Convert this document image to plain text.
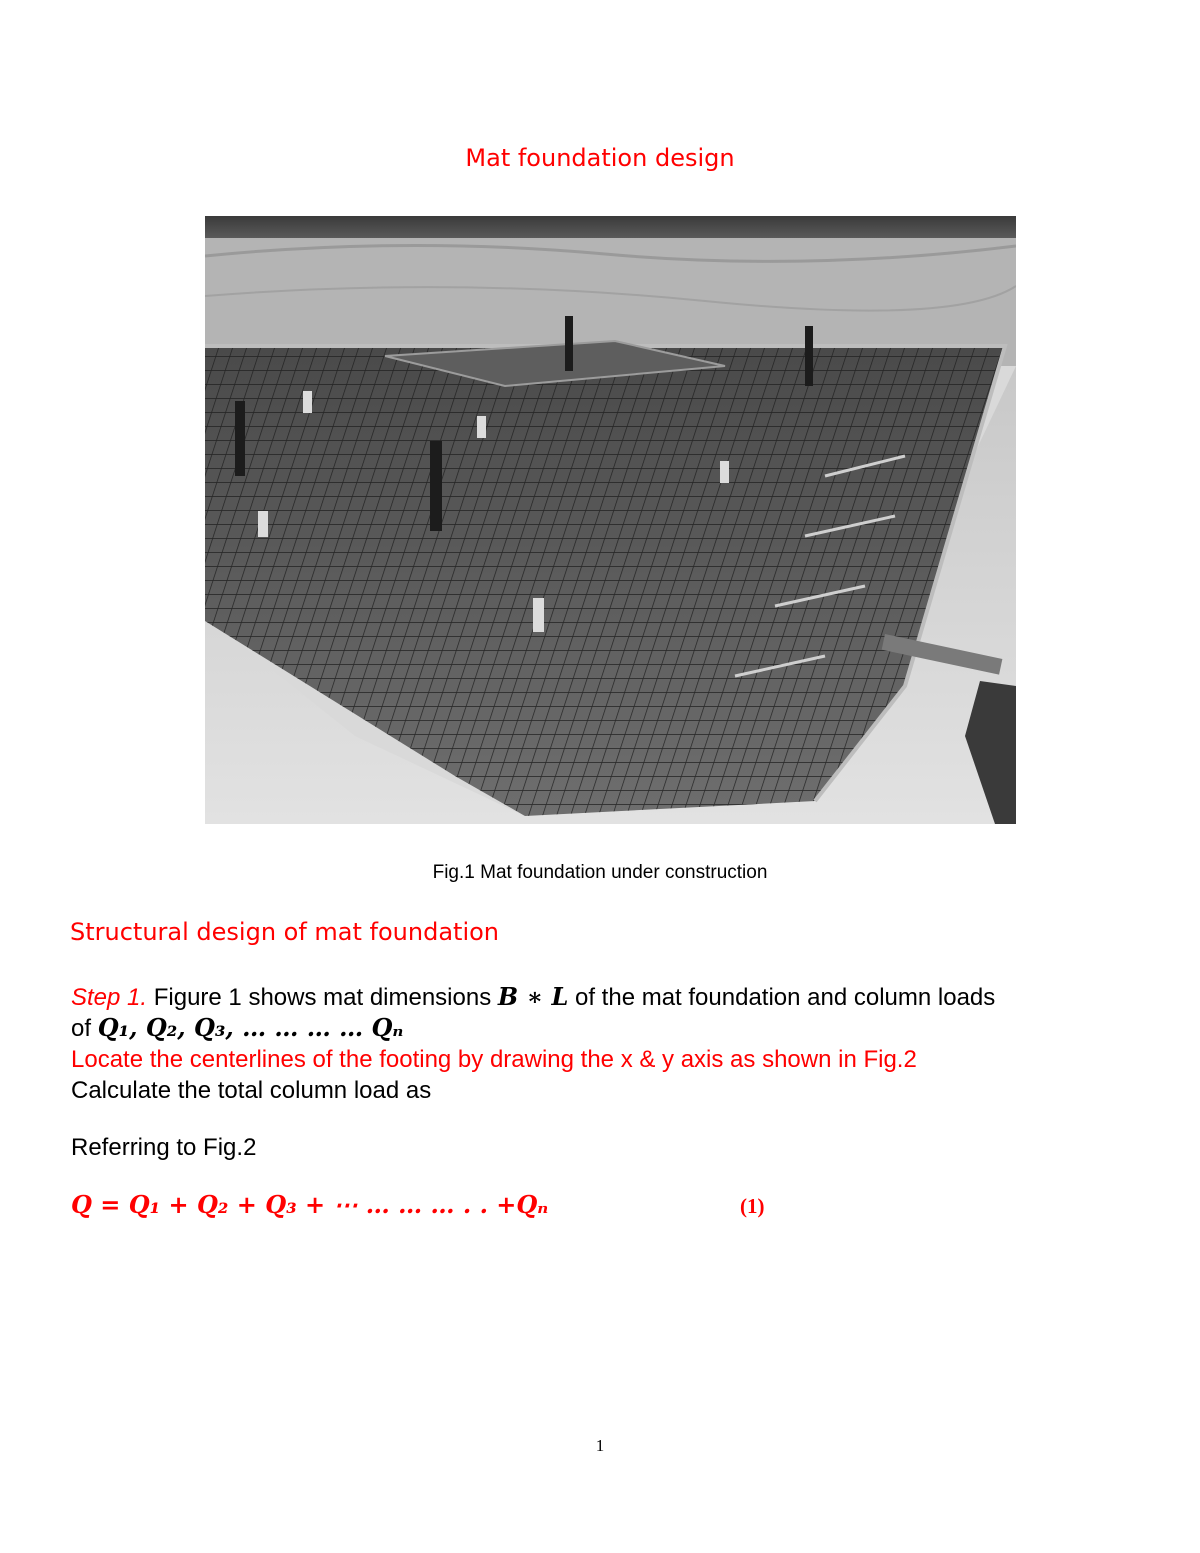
Mat foundation design
Fig.1 Mat foundation under construction
Structural design of mat foundation
Step 1. Figure 1 shows mat dimensions B ∗ L of the mat foundation and column loads
of Q₁, Q₂, Q₃, … … … … Qₙ
Locate the centerlines of the footing by drawing the x & y axis as shown in Fig.2
Calculate the total column load as
Referring to Fig.2
Q = Q₁ + Q₂ + Q₃ + ⋯ … … … . . +Qₙ	(1)
1
